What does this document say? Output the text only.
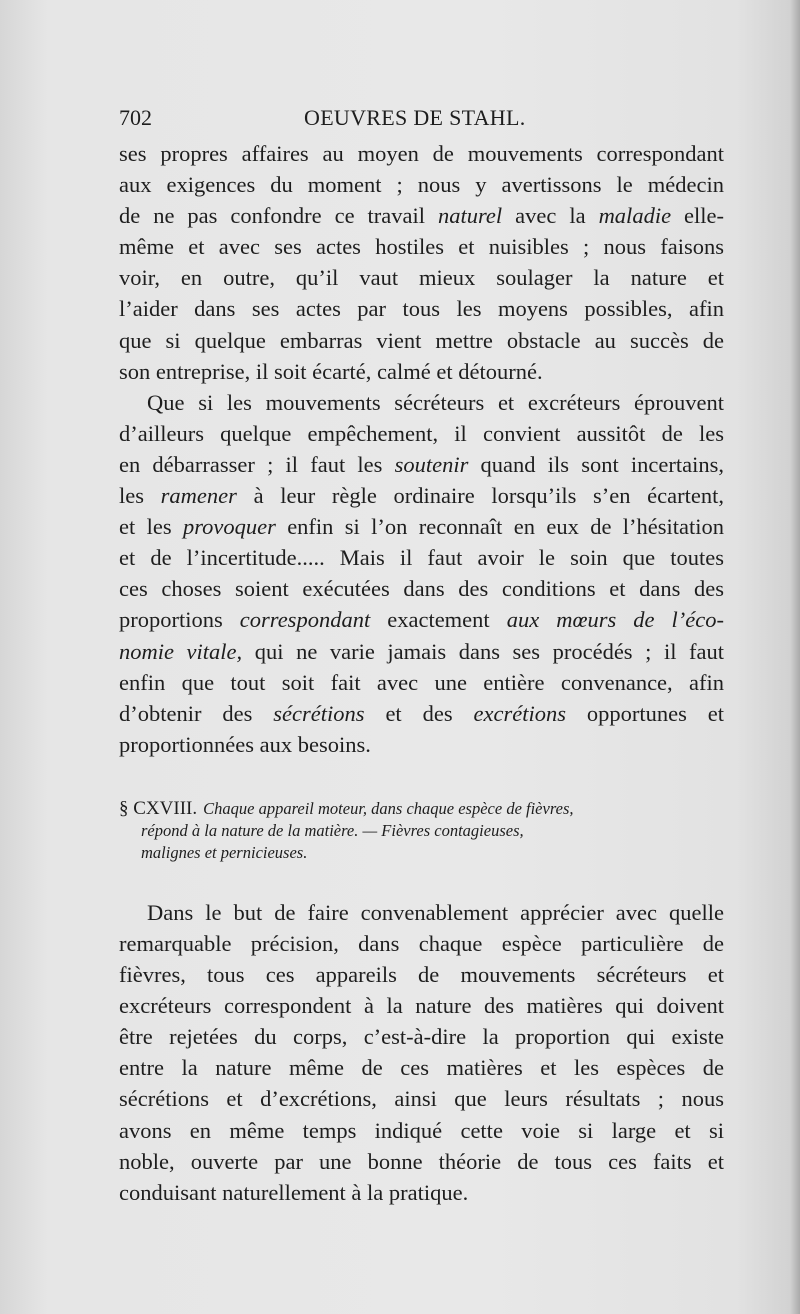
702	OEUVRES DE STAHL.

ses propres affaires au moyen de mouvements correspondant
aux exigences du moment ; nous y avertissons le médecin
de ne pas confondre ce travail naturel avec la maladie elle-
même et avec ses actes hostiles et nuisibles ; nous faisons
voir, en outre, qu’il vaut mieux soulager la nature et
l’aider dans ses actes par tous les moyens possibles, afin
que si quelque embarras vient mettre obstacle au succès de
son entreprise, il soit écarté, calmé et détourné.

Que si les mouvements sécréteurs et excréteurs éprouvent
d’ailleurs quelque empêchement, il convient aussitôt de les
en débarrasser ; il faut les soutenir quand ils sont incertains,
les ramener à leur règle ordinaire lorsqu’ils s’en écartent,
et les provoquer enfin si l’on reconnaît en eux de l’hésitation
et de l’incertitude..... Mais il faut avoir le soin que toutes
ces choses soient exécutées dans des conditions et dans des
proportions correspondant exactement aux mœurs de l’éco-
nomie vitale, qui ne varie jamais dans ses procédés ; il faut
enfin que tout soit fait avec une entière convenance, afin
d’obtenir des sécrétions et des excrétions opportunes et
proportionnées aux besoins.

§ CXVIII. Chaque appareil moteur, dans chaque espèce de fièvres,
répond à la nature de la matière. — Fièvres contagieuses,
malignes et pernicieuses.

Dans le but de faire convenablement apprécier avec quelle
remarquable précision, dans chaque espèce particulière de
fièvres, tous ces appareils de mouvements sécréteurs et
excréteurs correspondent à la nature des matières qui doivent
être rejetées du corps, c’est-à-dire la proportion qui existe
entre la nature même de ces matières et les espèces de
sécrétions et d’excrétions, ainsi que leurs résultats ; nous
avons en même temps indiqué cette voie si large et si
noble, ouverte par une bonne théorie de tous ces faits et
conduisant naturellement à la pratique.
